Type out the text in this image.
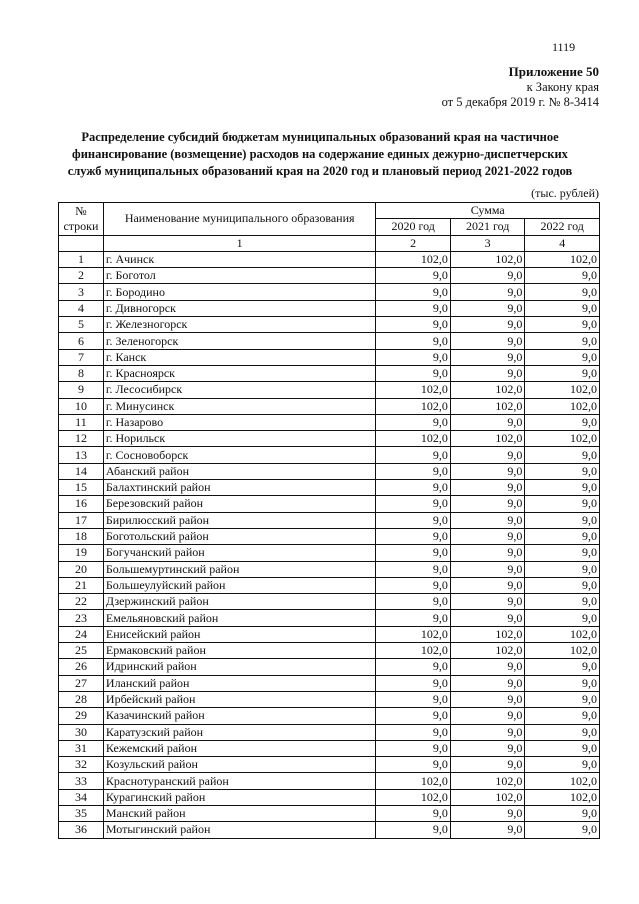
1119
Приложение 50
к Закону края
от 5 декабря 2019 г. № 8-3414
Распределение субсидий бюджетам муниципальных образований края на частичное
финансирование (возмещение) расходов на содержание единых дежурно-диспетчерских
служб муниципальных образований края на 2020 год и плановый период 2021-2022 годов
(тыс. рублей)
№
строки	Наименование муниципального образования	Сумма		
		2020 год	2021 год	2022 год
	1	2	3	4
1	г. Ачинск	102,0	102,0	102,0
2	г. Боготол	9,0	9,0	9,0
3	г. Бородино	9,0	9,0	9,0
4	г. Дивногорск	9,0	9,0	9,0
5	г. Железногорск	9,0	9,0	9,0
6	г. Зеленогорск	9,0	9,0	9,0
7	г. Канск	9,0	9,0	9,0
8	г. Красноярск	9,0	9,0	9,0
9	г. Лесосибирск	102,0	102,0	102,0
10	г. Минусинск	102,0	102,0	102,0
11	г. Назарово	9,0	9,0	9,0
12	г. Норильск	102,0	102,0	102,0
13	г. Сосновоборск	9,0	9,0	9,0
14	Абанский район	9,0	9,0	9,0
15	Балахтинский район	9,0	9,0	9,0
16	Березовский район	9,0	9,0	9,0
17	Бирилюсский район	9,0	9,0	9,0
18	Боготольский район	9,0	9,0	9,0
19	Богучанский район	9,0	9,0	9,0
20	Большемуртинский район	9,0	9,0	9,0
21	Большеулуйский район	9,0	9,0	9,0
22	Дзержинский район	9,0	9,0	9,0
23	Емельяновский район	9,0	9,0	9,0
24	Енисейский район	102,0	102,0	102,0
25	Ермаковский район	102,0	102,0	102,0
26	Идринский район	9,0	9,0	9,0
27	Иланский район	9,0	9,0	9,0
28	Ирбейский район	9,0	9,0	9,0
29	Казачинский район	9,0	9,0	9,0
30	Каратузский район	9,0	9,0	9,0
31	Кежемский район	9,0	9,0	9,0
32	Козульский район	9,0	9,0	9,0
33	Краснотуранский район	102,0	102,0	102,0
34	Курагинский район	102,0	102,0	102,0
35	Манский район	9,0	9,0	9,0
36	Мотыгинский район	9,0	9,0	9,0
